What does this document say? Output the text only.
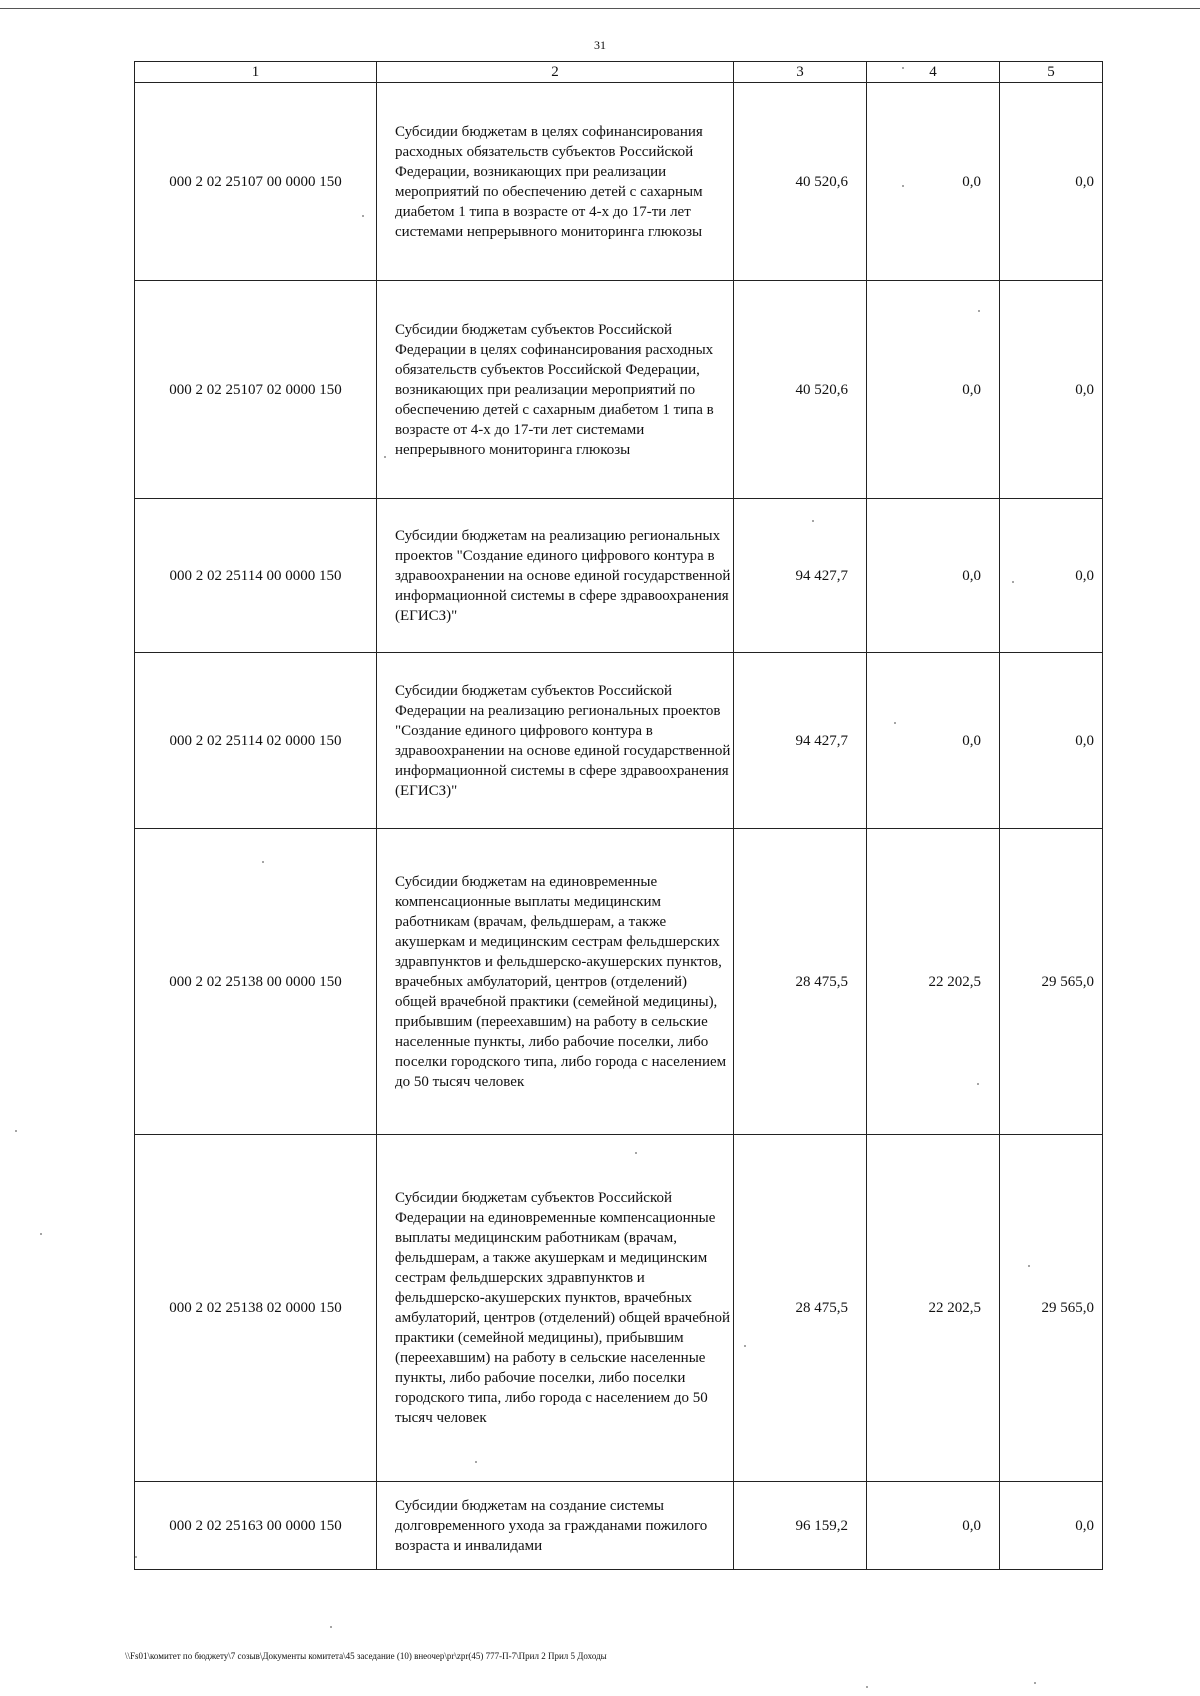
31
1	2	3	4	5
000 2 02 25107 00 0000 150	Субсидии бюджетам в целях софинансирования расходных обязательств субъектов Российской Федерации, возникающих при реализации мероприятий по обеспечению детей с сахарным диабетом 1 типа в возрасте от 4-х до 17-ти лет системами непрерывного мониторинга глюкозы	40 520,6	0,0	0,0
000 2 02 25107 02 0000 150	Субсидии бюджетам субъектов Российской Федерации в целях софинансирования расходных обязательств субъектов Российской Федерации, возникающих при реализации мероприятий по обеспечению детей с сахарным диабетом 1 типа в возрасте от 4-х до 17-ти лет системами непрерывного мониторинга глюкозы	40 520,6	0,0	0,0
000 2 02 25114 00 0000 150	Субсидии бюджетам на реализацию региональных проектов "Создание единого цифрового контура в здравоохранении на основе единой государственной информационной системы в сфере здравоохранения (ЕГИСЗ)"	94 427,7	0,0	0,0
000 2 02 25114 02 0000 150	Субсидии бюджетам субъектов Российской Федерации на реализацию региональных проектов "Создание единого цифрового контура в здравоохранении на основе единой государственной информационной системы в сфере здравоохранения (ЕГИСЗ)"	94 427,7	0,0	0,0
000 2 02 25138 00 0000 150	Субсидии бюджетам на единовременные компенсационные выплаты медицинским работникам (врачам, фельдшерам, а также акушеркам и медицинским сестрам фельдшерских здравпунктов и фельдшерско-акушерских пунктов, врачебных амбулаторий, центров (отделений) общей врачебной практики (семейной медицины), прибывшим (переехавшим) на работу в сельские населенные пункты, либо рабочие поселки, либо поселки городского типа, либо города с населением до 50 тысяч человек	28 475,5	22 202,5	29 565,0
000 2 02 25138 02 0000 150	Субсидии бюджетам субъектов Российской Федерации на единовременные компенсационные выплаты медицинским работникам (врачам, фельдшерам, а также акушеркам и медицинским сестрам фельдшерских здравпунктов и фельдшерско-акушерских пунктов, врачебных амбулаторий, центров (отделений) общей врачебной практики (семейной медицины), прибывшим (переехавшим) на работу в сельские населенные пункты, либо рабочие поселки, либо поселки городского типа, либо города с населением до 50 тысяч человек	28 475,5	22 202,5	29 565,0
000 2 02 25163 00 0000 150	Субсидии бюджетам на создание системы долговременного ухода за гражданами пожилого возраста и инвалидами	96 159,2	0,0	0,0
\\Fs01\комитет по бюджету\7 созыв\Документы комитета\45 заседание (10) внеочер\pr\zpr(45) 777-П-7\Прил 2 Прил 5 Доходы
